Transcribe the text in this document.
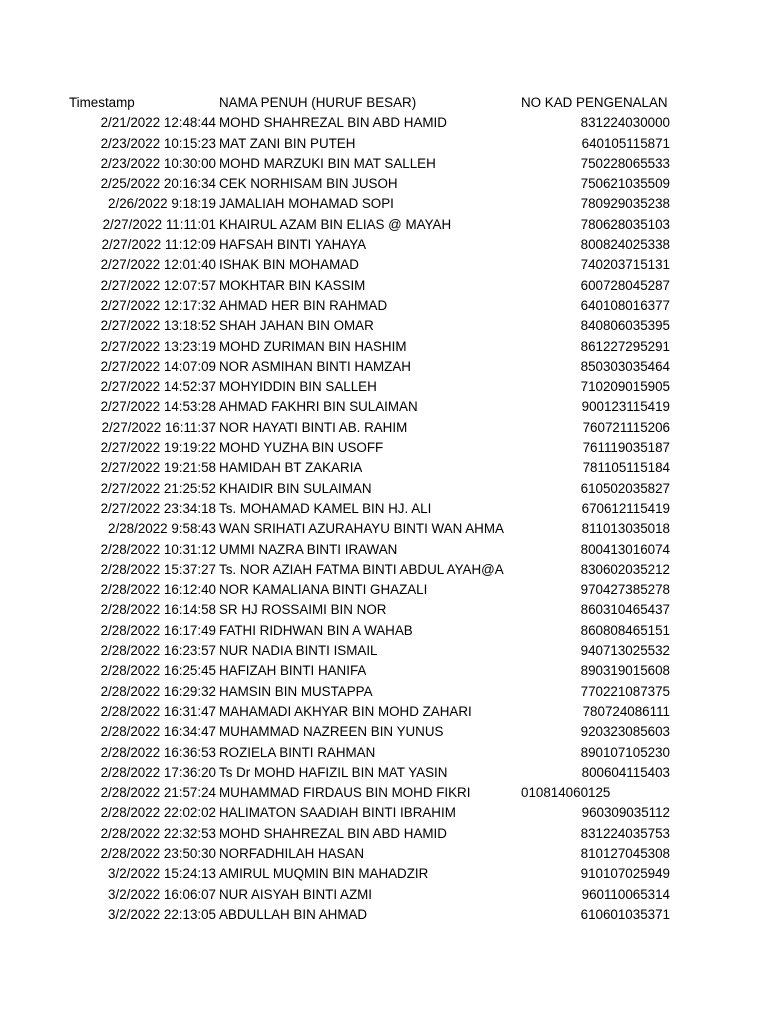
Timestamp	NAMA PENUH (HURUF BESAR)	NO KAD PENGENALAN
2/21/2022 12:48:44 MOHD SHAHREZAL BIN ABD HAMID	831224030000
2/23/2022 10:15:23 MAT ZANI BIN PUTEH	640105115871
2/23/2022 10:30:00 MOHD MARZUKI BIN MAT SALLEH	750228065533
2/25/2022 20:16:34 CEK NORHISAM BIN JUSOH	750621035509
2/26/2022 9:18:19 JAMALIAH MOHAMAD SOPI	780929035238
2/27/2022 11:11:01 KHAIRUL AZAM BIN ELIAS @ MAYAH	780628035103
2/27/2022 11:12:09 HAFSAH BINTI YAHAYA	800824025338
2/27/2022 12:01:40 ISHAK BIN MOHAMAD	740203715131
2/27/2022 12:07:57 MOKHTAR BIN KASSIM	600728045287
2/27/2022 12:17:32 AHMAD HER BIN RAHMAD	640108016377
2/27/2022 13:18:52 SHAH JAHAN BIN OMAR	840806035395
2/27/2022 13:23:19 MOHD ZURIMAN BIN HASHIM	861227295291
2/27/2022 14:07:09 NOR ASMIHAN BINTI HAMZAH	850303035464
2/27/2022 14:52:37 MOHYIDDIN BIN SALLEH	710209015905
2/27/2022 14:53:28 AHMAD FAKHRI BIN SULAIMAN	900123115419
2/27/2022 16:11:37 NOR HAYATI BINTI AB. RAHIM	760721115206
2/27/2022 19:19:22 MOHD YUZHA BIN USOFF	761119035187
2/27/2022 19:21:58 HAMIDAH BT ZAKARIA	781105115184
2/27/2022 21:25:52 KHAIDIR BIN SULAIMAN	610502035827
2/27/2022 23:34:18 Ts. MOHAMAD KAMEL BIN HJ. ALI	670612115419
2/28/2022 9:58:43 WAN SRIHATI AZURAHAYU BINTI WAN AHMA	811013035018
2/28/2022 10:31:12 UMMI NAZRA BINTI IRAWAN	800413016074
2/28/2022 15:37:27 Ts. NOR AZIAH FATMA BINTI ABDUL AYAH@A	830602035212
2/28/2022 16:12:40 NOR KAMALIANA BINTI GHAZALI	970427385278
2/28/2022 16:14:58 SR HJ ROSSAIMI BIN NOR	860310465437
2/28/2022 16:17:49 FATHI RIDHWAN BIN A WAHAB	860808465151
2/28/2022 16:23:57 NUR NADIA BINTI ISMAIL	940713025532
2/28/2022 16:25:45 HAFIZAH BINTI HANIFA	890319015608
2/28/2022 16:29:32 HAMSIN BIN MUSTAPPA	770221087375
2/28/2022 16:31:47 MAHAMADI AKHYAR BIN MOHD ZAHARI	780724086111
2/28/2022 16:34:47 MUHAMMAD NAZREEN BIN YUNUS	920323085603
2/28/2022 16:36:53 ROZIELA BINTI RAHMAN	890107105230
2/28/2022 17:36:20 Ts Dr MOHD HAFIZIL BIN MAT YASIN	800604115403
2/28/2022 21:57:24 MUHAMMAD FIRDAUS BIN MOHD FIKRI	010814060125
2/28/2022 22:02:02 HALIMATON SAADIAH BINTI IBRAHIM	960309035112
2/28/2022 22:32:53 MOHD SHAHREZAL BIN ABD HAMID	831224035753
2/28/2022 23:50:30 NORFADHILAH HASAN	810127045308
3/2/2022 15:24:13 AMIRUL MUQMIN BIN MAHADZIR	910107025949
3/2/2022 16:06:07 NUR AISYAH BINTI AZMI	960110065314
3/2/2022 22:13:05 ABDULLAH BIN AHMAD	610601035371
